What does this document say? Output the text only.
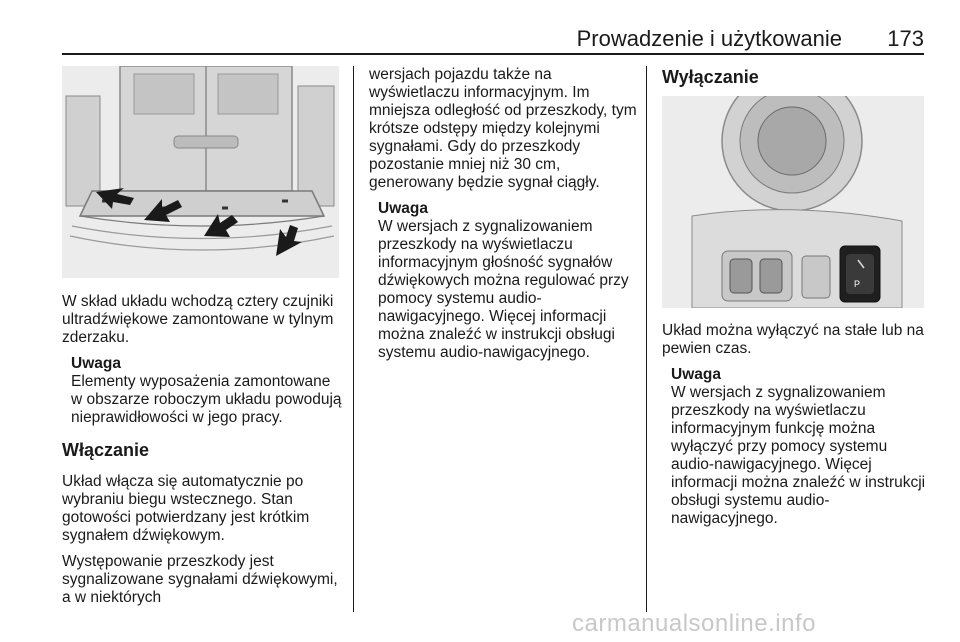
Prowadzenie i użytkowanie 173

W skład układu wchodzą cztery czujniki ultradźwiękowe zamontowane w tylnym zderzaku.

Uwaga
Elementy wyposażenia zamontowane w obszarze roboczym układu powodują nieprawidłowości w jego pracy.
Włączanie

Układ włącza się automatycznie po wybraniu biegu wstecznego. Stan gotowości potwierdzany jest krótkim sygnałem dźwiękowym.

Występowanie przeszkody jest sygnalizowane sygnałami dźwiękowymi, a w niektórych

wersjach pojazdu także na wyświetlaczu informacyjnym. Im mniejsza odległość od przeszkody, tym krótsze odstępy między kolejnymi sygnałami. Gdy do przeszkody pozostanie mniej niż 30 cm, generowany będzie sygnał ciągły.

Uwaga
W wersjach z sygnalizowaniem przeszkody na wyświetlaczu informacyjnym głośność sygnałów dźwiękowych można regulować przy pomocy systemu audio-nawigacyjnego. Więcej informacji można znaleźć w instrukcji obsługi systemu audio-nawigacyjnego.
Wyłączanie
P

Układ można wyłączyć na stałe lub na pewien czas.

Uwaga
W wersjach z sygnalizowaniem przeszkody na wyświetlaczu informacyjnym funkcję można wyłączyć przy pomocy systemu audio-nawigacyjnego. Więcej informacji można znaleźć w instrukcji obsługi systemu audio-nawigacyjnego.
carmanualsonline.info
